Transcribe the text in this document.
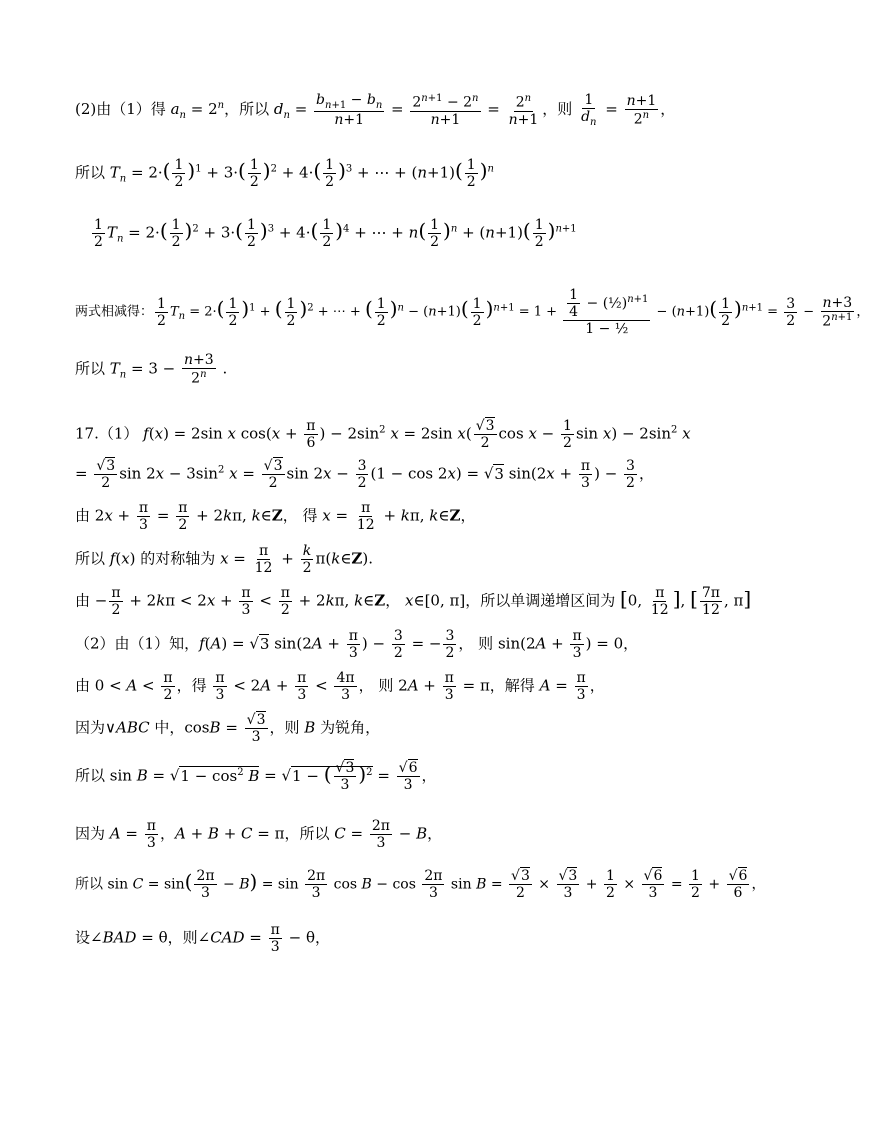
(2)由（1）得 $a_n = 2^n$，所以 $d_n = \frac{b_{n+1} - b_n}{n+1} = \frac{2^{n+1} - 2^n}{n+1} = \frac{2^n}{n+1}$ ，则 $\frac{1}{d_n} = \frac{n+1}{2^n}$ ，
所以 $T_n = 2\cdot( \frac{1}{2} )^1 + 3\cdot( \frac{1}{2} )^2 + 4\cdot( \frac{1}{2} )^3$ + ⋯ + $(n+1)( \frac{1}{2} )^n$
$\frac{1}{2} T_n = 2\cdot( \frac{1}{2} )^2 + 3\cdot( \frac{1}{2} )^3 + 4\cdot( \frac{1}{2} )^4$ + ⋯ + $n( \frac{1}{2} )^n + (n+1)( \frac{1}{2} )^{n+1}$
两式相减得： $\frac{1}{2} T_n = 2\cdot( \frac{1}{2} )^1$ + ( $\frac{1}{2} )^2$ + ⋯ + ( $\frac{1}{2} )^n - (n+1)( \frac{1}{2} )^{n+1} = 1 + \frac{\frac{1}{4} - (\frac{1}{2})^{n+1}}{\text{1 − ½}} - (n+1)( \frac{1}{2} )^{n+1} = \frac{3}{2} - \frac{n+3}{2^{n+1}}$ ，
所以 $T_n = 3 - \frac{n+3}{2^n}$ .
17.（1） f(x) = 2sin x $\cos(x + \frac{\pi}{6}$ ) − $2\sin^2$ x = 2sin $x( \frac{√3}{2}$ $\cos x - \frac{1}{2}$ $\sin x) - 2\sin^2$ x
= $\frac{√3}{2}$ $\sin 2x - 3\sin^2$ $x = \frac{√3}{2}$ $\sin 2x - \frac{3}{2} (1 - \cos 2x) = √3$ $\sin(2x + \frac{\pi}{3}$ ) − $\frac{3}{2}$ ，
由 $2x + \frac{\pi}{3} = \frac{\pi}{2} + 2k\pi$, k∈Z， 得 $x = \frac{\pi}{12} + k\pi$, k∈Z，
所以 f(x) 的对称轴为 $x = \frac{\pi}{12} + \frac{k}{2}$ π(k∈Z).
由 − $\frac{\pi}{2} + 2k\pi < 2x + \frac{\pi}{3} < \frac{\pi}{2} + 2k\pi$, k∈Z， x∈[0, π]，所以单调递增区间为 [0, $\frac{\pi}{12}$ ], [ $\frac{7\pi}{12}$ , π]
（2）由（1）知，f(A) = √3 $\sin(2A + \frac{\pi}{3}$ ) − $\frac{3}{2}$ = − $\frac{3}{2}$ ， 则 $\sin(2A + \frac{\pi}{3}$ ) = 0，
由 $0 < A < \frac{\pi}{2}$ ，得 $\frac{\pi}{3} < 2A + \frac{\pi}{3} < \frac{4\pi}{3}$ ， 则 $2A + \frac{\pi}{3} = \pi$，解得 $A = \frac{\pi}{3}$ ，
因为∨ABC 中，$\cos B = \frac{√3}{3}$ ，则 B 为锐角，
所以 $\sin B = √1 - \cos^2 B = √1$ − ( $\frac{√3}{3} )^2 = \frac{√6}{3}$ ，
因为 $A = \frac{\pi}{3}$ ，A + B + C = π，所以 $C = \frac{2\pi}{3} - B$，
所以 $\sin C = \sin( \frac{2\pi}{3} - B) = \sin \frac{2\pi}{3}$ $\cos B - \cos \frac{2\pi}{3}$ $\sin B = \frac{√3}{2} \times \frac{√3}{3} + \frac{1}{2} \times \frac{√6}{3} = \frac{1}{2} + \frac{√6}{6}$ ，
设∠BAD = θ，则∠CAD = $\frac{\pi}{3} - \theta$，
